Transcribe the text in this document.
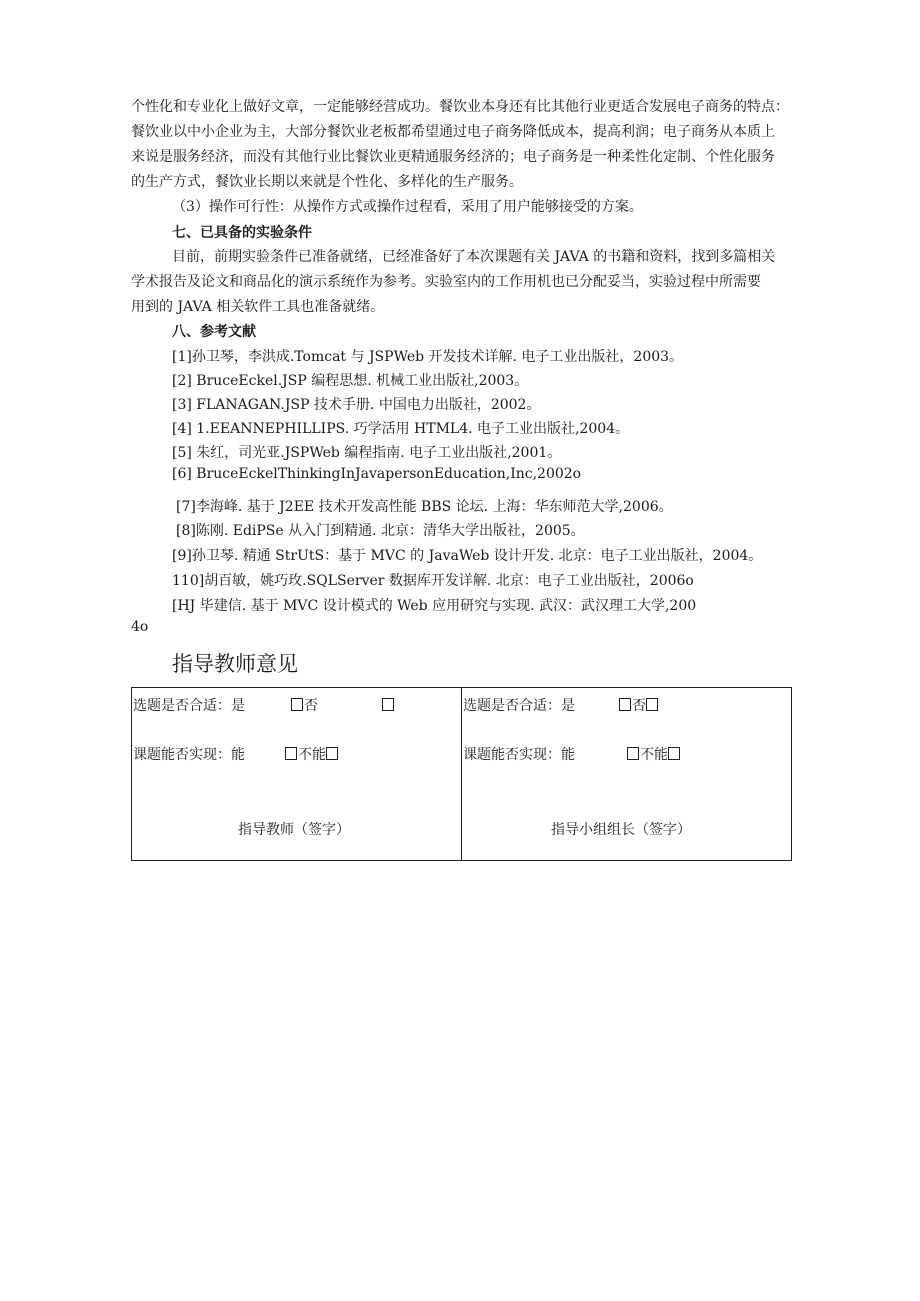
个性化和专业化上做好文章，一定能够经营成功。餐饮业本身还有比其他行业更适合发展电子商务的特点：
餐饮业以中小企业为主，大部分餐饮业老板都希望通过电子商务降低成本，提高利润；电子商务从本质上
来说是服务经济，而没有其他行业比餐饮业更精通服务经济的；电子商务是一种柔性化定制、个性化服务
的生产方式，餐饮业长期以来就是个性化、多样化的生产服务。
（3）操作可行性：从操作方式或操作过程看，采用了用户能够接受的方案。
七、已具备的实验条件
目前，前期实验条件已准备就绪，已经准备好了本次课题有关 JAVA 的书籍和资料，找到多篇相关
学术报告及论文和商品化的演示系统作为参考。实验室内的工作用机也已分配妥当，实验过程中所需要
用到的 JAVA 相关软件工具也准备就绪。
八、参考文献
[1]孙卫琴，李洪成.Tomcat 与 JSPWeb 开发技术详解. 电子工业出版社，2003。
[2] BruceEckel.JSP 编程思想. 机械工业出版社,2003。
[3] FLANAGAN.JSP 技术手册. 中国电力出版社，2002。
[4] 1.EEANNEPHILLIPS. 巧学活用 HTML4. 电子工业出版社,2004。
[5] 朱红，司光亚.JSPWeb 编程指南. 电子工业出版社,2001。
[6] BruceEckelThinkingInJavapersonEducation,Inc,2002o
[7]李海峰. 基于 J2EE 技术开发高性能 BBS 论坛. 上海：华东师范大学,2006。
[8]陈刚. EdiPSe 从入门到精通. 北京：清华大学出版社，2005。
[9]孙卫琴. 精通 StrUtS：基于 MVC 的 JavaWeb 设计开发. 北京：电子工业出版社，2004。
110]胡百敏，姚巧玫.SQLServer 数据库开发详解. 北京：电子工业出版社，2006o
[HJ 毕建信. 基于 MVC 设计模式的 Web 应用研究与实现. 武汉：武汉理工大学,200
4o
指导教师意见
选题是否合适：是	否
课题能否实现：能	不能
指导教师（签字）

选题是否合适：是	否
课题能否实现：能	不能
指导小组组长（签字）
